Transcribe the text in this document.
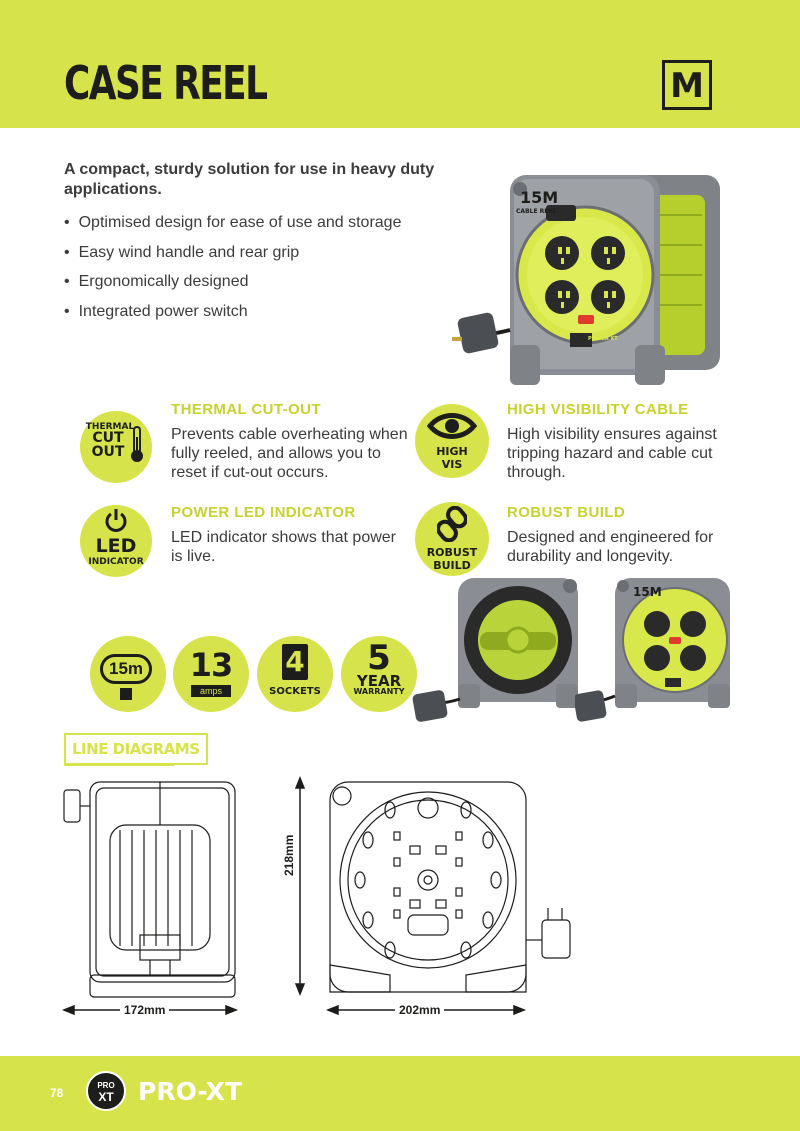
CASE REEL	M
A compact, sturdy solution for use in heavy duty applications.
• Optimised design for ease of use and storage
• Easy wind handle and rear grip
• Ergonomically designed
• Integrated power switch
15M
CABLE REEL
POWER XT
THERMAL
CUT
OUT
THERMAL CUT-OUT
Prevents cable overheating when fully reeled, and allows you to reset if cut-out occurs.
HIGH
VIS
HIGH VISIBILITY CABLE
High visibility ensures against tripping hazard and cable cut through.
LED
INDICATOR
POWER LED INDICATOR
LED indicator shows that power is live.	ROBUST
BUILD
ROBUST BUILD
Designed and engineered for durability and longevity.
15m	13
amps
4
SOCKETS
5
YEAR
WARRANTY
15M
LINE DIAGRAMS
172mm
218mm
202mm
78
PRO
XT PRO-XT
